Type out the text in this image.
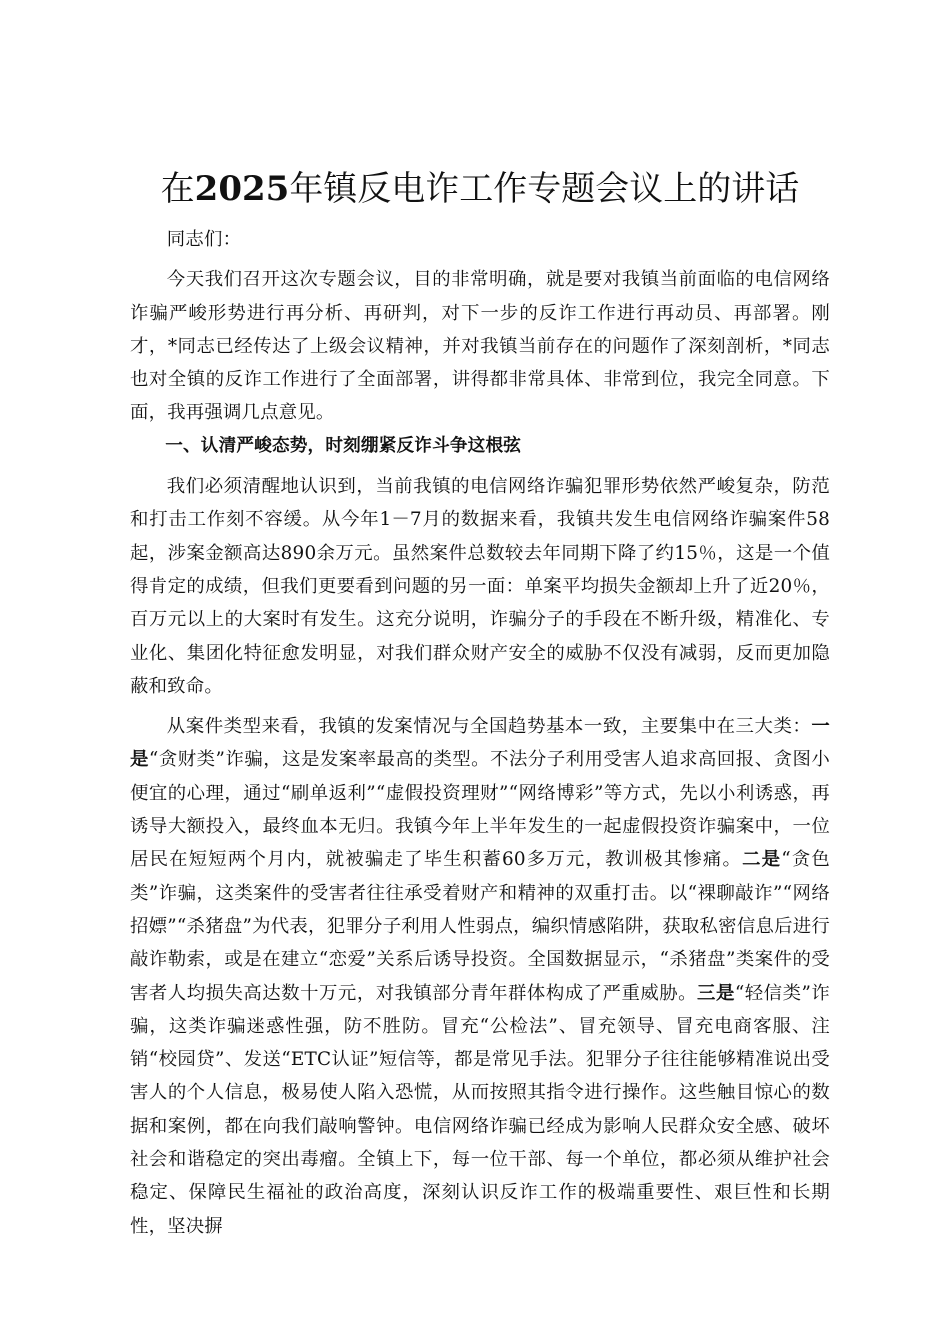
在2025年镇反电诈工作专题会议上的讲话

同志们：

今天我们召开这次专题会议，目的非常明确，就是要对我镇当前面临的电信网络诈骗严峻形势进行再分析、再研判，对下一步的反诈工作进行再动员、再部署。刚才，*同志已经传达了上级会议精神，并对我镇当前存在的问题作了深刻剖析，*同志也对全镇的反诈工作进行了全面部署，讲得都非常具体、非常到位，我完全同意。下面，我再强调几点意见。

一、认清严峻态势，时刻绷紧反诈斗争这根弦

我们必须清醒地认识到，当前我镇的电信网络诈骗犯罪形势依然严峻复杂，防范和打击工作刻不容缓。从今年1－7月的数据来看，我镇共发生电信网络诈骗案件58起，涉案金额高达890余万元。虽然案件总数较去年同期下降了约15％，这是一个值得肯定的成绩，但我们更要看到问题的另一面：单案平均损失金额却上升了近20％，百万元以上的大案时有发生。这充分说明，诈骗分子的手段在不断升级，精准化、专业化、集团化特征愈发明显，对我们群众财产安全的威胁不仅没有减弱，反而更加隐蔽和致命。

从案件类型来看，我镇的发案情况与全国趋势基本一致，主要集中在三大类：一是“贪财类”诈骗，这是发案率最高的类型。不法分子利用受害人追求高回报、贪图小便宜的心理，通过“刷单返利”“虚假投资理财”“网络博彩”等方式，先以小利诱惑，再诱导大额投入，最终血本无归。我镇今年上半年发生的一起虚假投资诈骗案中，一位居民在短短两个月内，就被骗走了毕生积蓄60多万元，教训极其惨痛。二是“贪色类”诈骗，这类案件的受害者往往承受着财产和精神的双重打击。以“裸聊敲诈”“网络招嫖”“杀猪盘”为代表，犯罪分子利用人性弱点，编织情感陷阱，获取私密信息后进行敲诈勒索，或是在建立“恋爱”关系后诱导投资。全国数据显示，“杀猪盘”类案件的受害者人均损失高达数十万元，对我镇部分青年群体构成了严重威胁。三是“轻信类”诈骗，这类诈骗迷惑性强，防不胜防。冒充“公检法”、冒充领导、冒充电商客服、注销“校园贷”、发送“ETC认证”短信等，都是常见手法。犯罪分子往往能够精准说出受害人的个人信息，极易使人陷入恐慌，从而按照其指令进行操作。这些触目惊心的数据和案例，都在向我们敲响警钟。电信网络诈骗已经成为影响人民群众安全感、破坏社会和谐稳定的突出毒瘤。全镇上下，每一位干部、每一个单位，都必须从维护社会稳定、保障民生福祉的政治高度，深刻认识反诈工作的极端重要性、艰巨性和长期性，坚决摒
